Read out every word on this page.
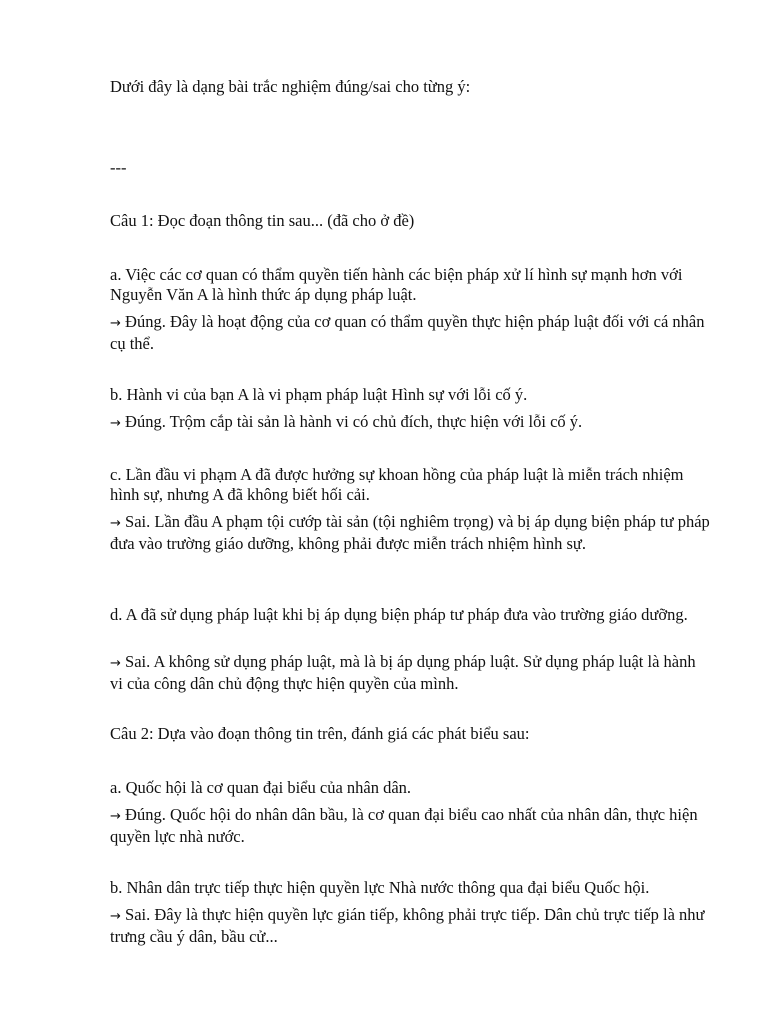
Dưới đây là dạng bài trắc nghiệm đúng/sai cho từng ý:

---

Câu 1: Đọc đoạn thông tin sau... (đã cho ở đề)

a. Việc các cơ quan có thẩm quyền tiến hành các biện pháp xử lí hình sự mạnh hơn với Nguyễn Văn A là hình thức áp dụng pháp luật.

→ Đúng. Đây là hoạt động của cơ quan có thẩm quyền thực hiện pháp luật đối với cá nhân cụ thể.

b. Hành vi của bạn A là vi phạm pháp luật Hình sự với lỗi cố ý.

→ Đúng. Trộm cắp tài sản là hành vi có chủ đích, thực hiện với lỗi cố ý.

c. Lần đầu vi phạm A đã được hưởng sự khoan hồng của pháp luật là miễn trách nhiệm hình sự, nhưng A đã không biết hối cải.

→ Sai. Lần đầu A phạm tội cướp tài sản (tội nghiêm trọng) và bị áp dụng biện pháp tư pháp đưa vào trường giáo dưỡng, không phải được miễn trách nhiệm hình sự.

d. A đã sử dụng pháp luật khi bị áp dụng biện pháp tư pháp đưa vào trường giáo dưỡng.

→ Sai. A không sử dụng pháp luật, mà là bị áp dụng pháp luật. Sử dụng pháp luật là hành vi của công dân chủ động thực hiện quyền của mình.

Câu 2: Dựa vào đoạn thông tin trên, đánh giá các phát biểu sau:

a. Quốc hội là cơ quan đại biểu của nhân dân.

→ Đúng. Quốc hội do nhân dân bầu, là cơ quan đại biểu cao nhất của nhân dân, thực hiện quyền lực nhà nước.

b. Nhân dân trực tiếp thực hiện quyền lực Nhà nước thông qua đại biểu Quốc hội.

→ Sai. Đây là thực hiện quyền lực gián tiếp, không phải trực tiếp. Dân chủ trực tiếp là như trưng cầu ý dân, bầu cử...
